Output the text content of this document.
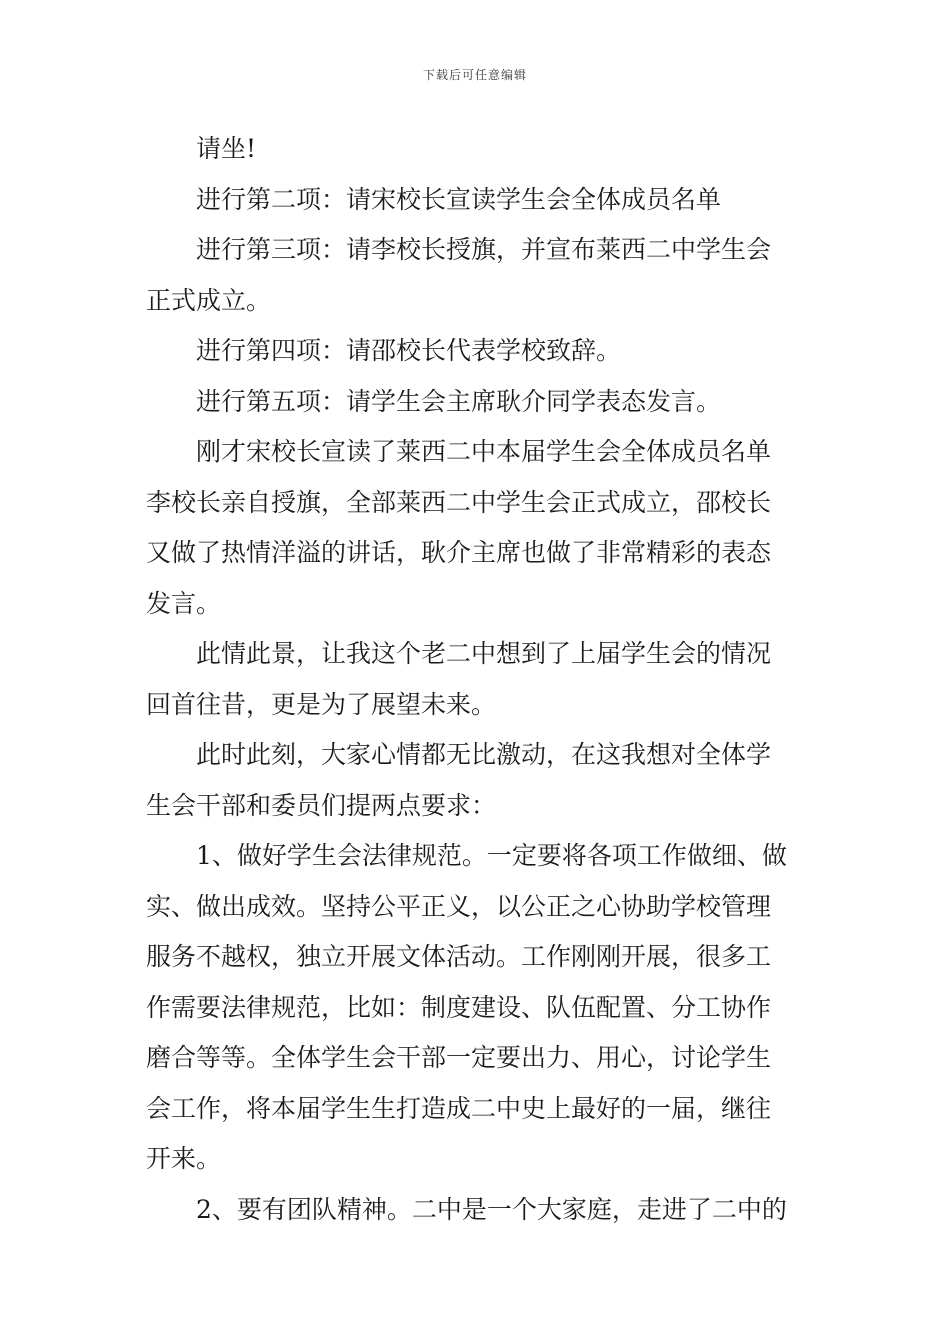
下载后可任意编辑
请坐!
进行第二项：请宋校长宣读学生会全体成员名单
进行第三项：请李校长授旗，并宣布莱西二中学生会
正式成立。
进行第四项：请邵校长代表学校致辞。
进行第五项：请学生会主席耿介同学表态发言。
刚才宋校长宣读了莱西二中本届学生会全体成员名单
李校长亲自授旗，全部莱西二中学生会正式成立，邵校长
又做了热情洋溢的讲话，耿介主席也做了非常精彩的表态
发言。
此情此景，让我这个老二中想到了上届学生会的情况
回首往昔，更是为了展望未来。
此时此刻，大家心情都无比激动，在这我想对全体学
生会干部和委员们提两点要求：
1、做好学生会法律规范。一定要将各项工作做细、做
实、做出成效。坚持公平正义，以公正之心协助学校管理
服务不越权，独立开展文体活动。工作刚刚开展，很多工
作需要法律规范，比如：制度建设、队伍配置、分工协作
磨合等等。全体学生会干部一定要出力、用心，讨论学生
会工作，将本届学生生打造成二中史上最好的一届，继往
开来。
2、要有团队精神。二中是一个大家庭，走进了二中的
